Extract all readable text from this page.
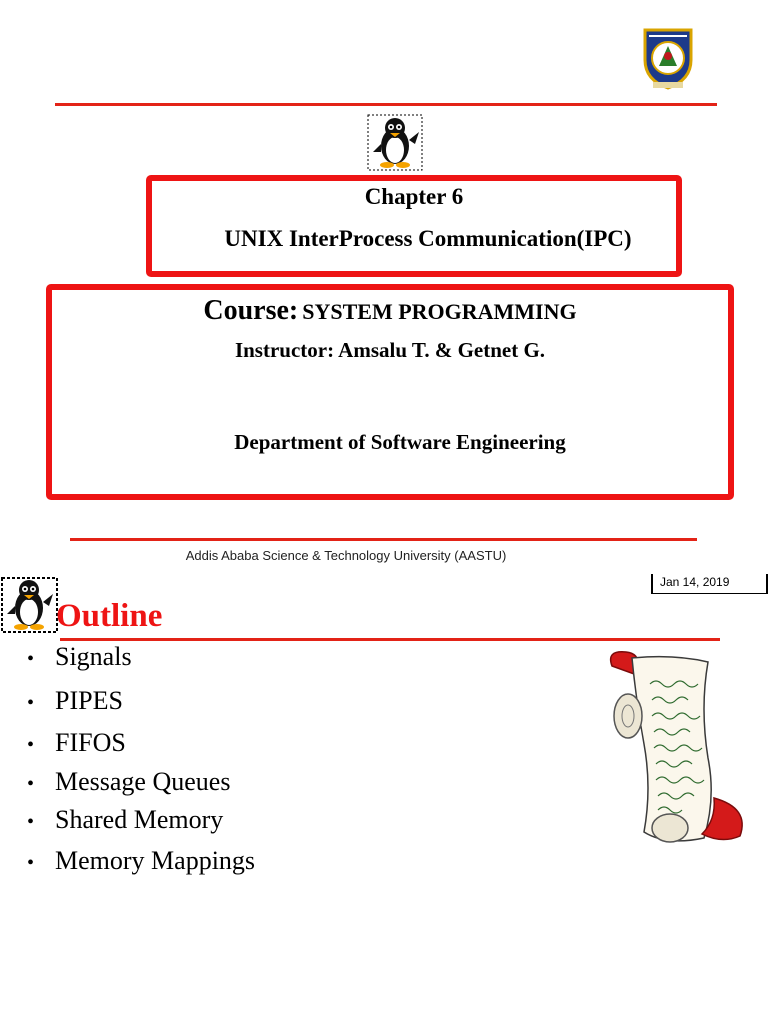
Chapter 6
UNIX InterProcess Communication(IPC)
Course: SYSTEM PROGRAMMING
Instructor: Amsalu T. & Getnet G.
Department of Software Engineering
Addis Ababa Science & Technology University (AASTU)
Jan 14, 2019
Outline
• Signals
• PIPES
• FIFOS
• Message Queues
• Shared Memory
• Memory Mappings
